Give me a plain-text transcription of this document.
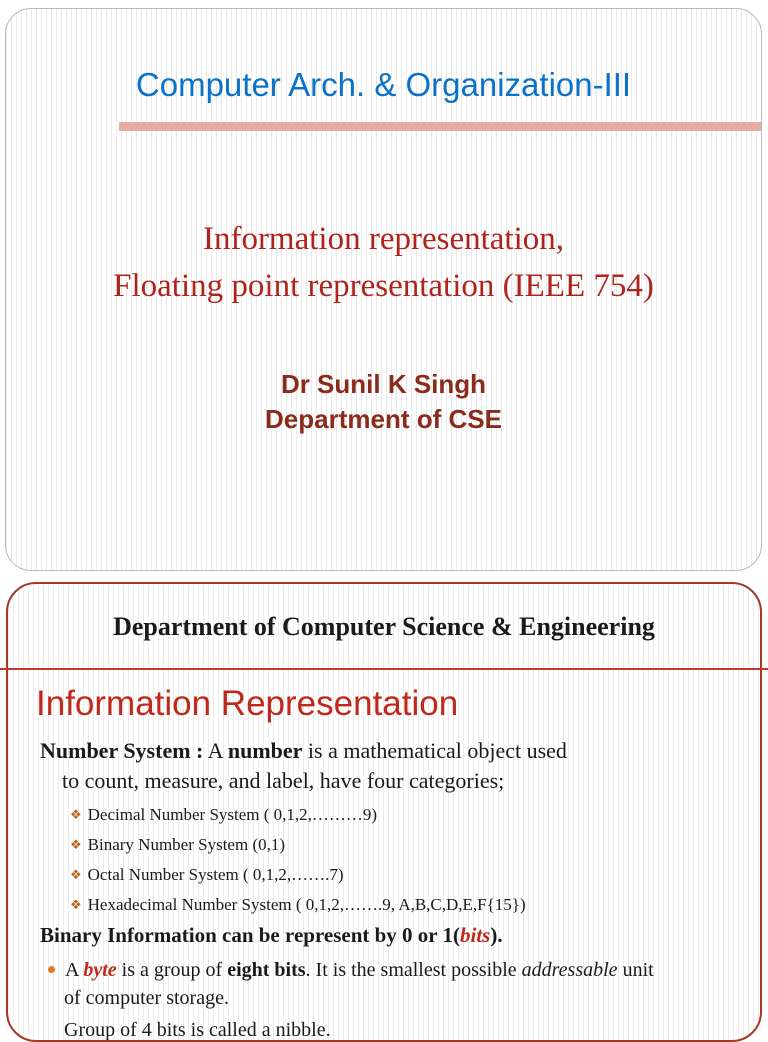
Computer Arch. & Organization-III
Information representation,
Floating point representation (IEEE 754)
Dr Sunil K Singh
Department of CSE
Department of Computer Science & Engineering
Information Representation
Number System : A number is a mathematical object used
to count, measure, and label, have four categories;
❖ Decimal Number System ( 0,1,2,………9)
❖ Binary Number System (0,1)
❖ Octal Number System ( 0,1,2,…….7)
❖ Hexadecimal Number System ( 0,1,2,…….9, A,B,C,D,E,F{15})
Binary Information can be represent by 0 or 1(bits).
A byte is a group of eight bits. It is the smallest possible addressable unit
of computer storage.
Group of 4 bits is called a nibble.
